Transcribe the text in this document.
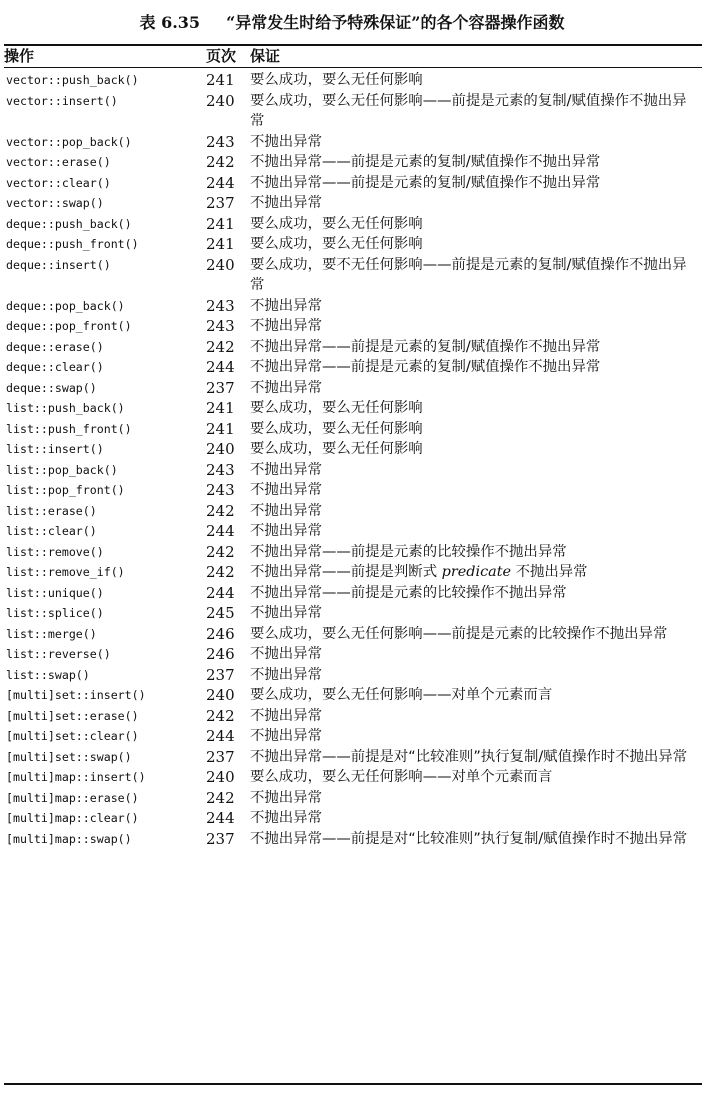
表 6.35 “异常发生时给予特殊保证”的各个容器操作函数
操作	页次	保证
vector::push_back()	241	要么成功，要么无任何影响
vector::insert()	240	要么成功，要么无任何影响——前提是元素的复制/赋值操作不抛出异常
vector::pop_back()	243	不抛出异常
vector::erase()	242	不抛出异常——前提是元素的复制/赋值操作不抛出异常
vector::clear()	244	不抛出异常——前提是元素的复制/赋值操作不抛出异常
vector::swap()	237	不抛出异常
deque::push_back()	241	要么成功，要么无任何影响
deque::push_front()	241	要么成功，要么无任何影响
deque::insert()	240	要么成功，要不无任何影响——前提是元素的复制/赋值操作不抛出异常
deque::pop_back()	243	不抛出异常
deque::pop_front()	243	不抛出异常
deque::erase()	242	不抛出异常——前提是元素的复制/赋值操作不抛出异常
deque::clear()	244	不抛出异常——前提是元素的复制/赋值操作不抛出异常
deque::swap()	237	不抛出异常
list::push_back()	241	要么成功，要么无任何影响
list::push_front()	241	要么成功，要么无任何影响
list::insert()	240	要么成功，要么无任何影响
list::pop_back()	243	不抛出异常
list::pop_front()	243	不抛出异常
list::erase()	242	不抛出异常
list::clear()	244	不抛出异常
list::remove()	242	不抛出异常——前提是元素的比较操作不抛出异常
list::remove_if()	242	不抛出异常——前提是判断式 predicate 不抛出异常
list::unique()	244	不抛出异常——前提是元素的比较操作不抛出异常
list::splice()	245	不抛出异常
list::merge()	246	要么成功，要么无任何影响——前提是元素的比较操作不抛出异常
list::reverse()	246	不抛出异常
list::swap()	237	不抛出异常
[multi]set::insert()	240	要么成功，要么无任何影响——对单个元素而言
[multi]set::erase()	242	不抛出异常
[multi]set::clear()	244	不抛出异常
[multi]set::swap()	237	不抛出异常——前提是对“比较准则”执行复制/赋值操作时不抛出异常
[multi]map::insert()	240	要么成功，要么无任何影响——对单个元素而言
[multi]map::erase()	242	不抛出异常
[multi]map::clear()	244	不抛出异常
[multi]map::swap()	237	不抛出异常——前提是对“比较准则”执行复制/赋值操作时不抛出异常
